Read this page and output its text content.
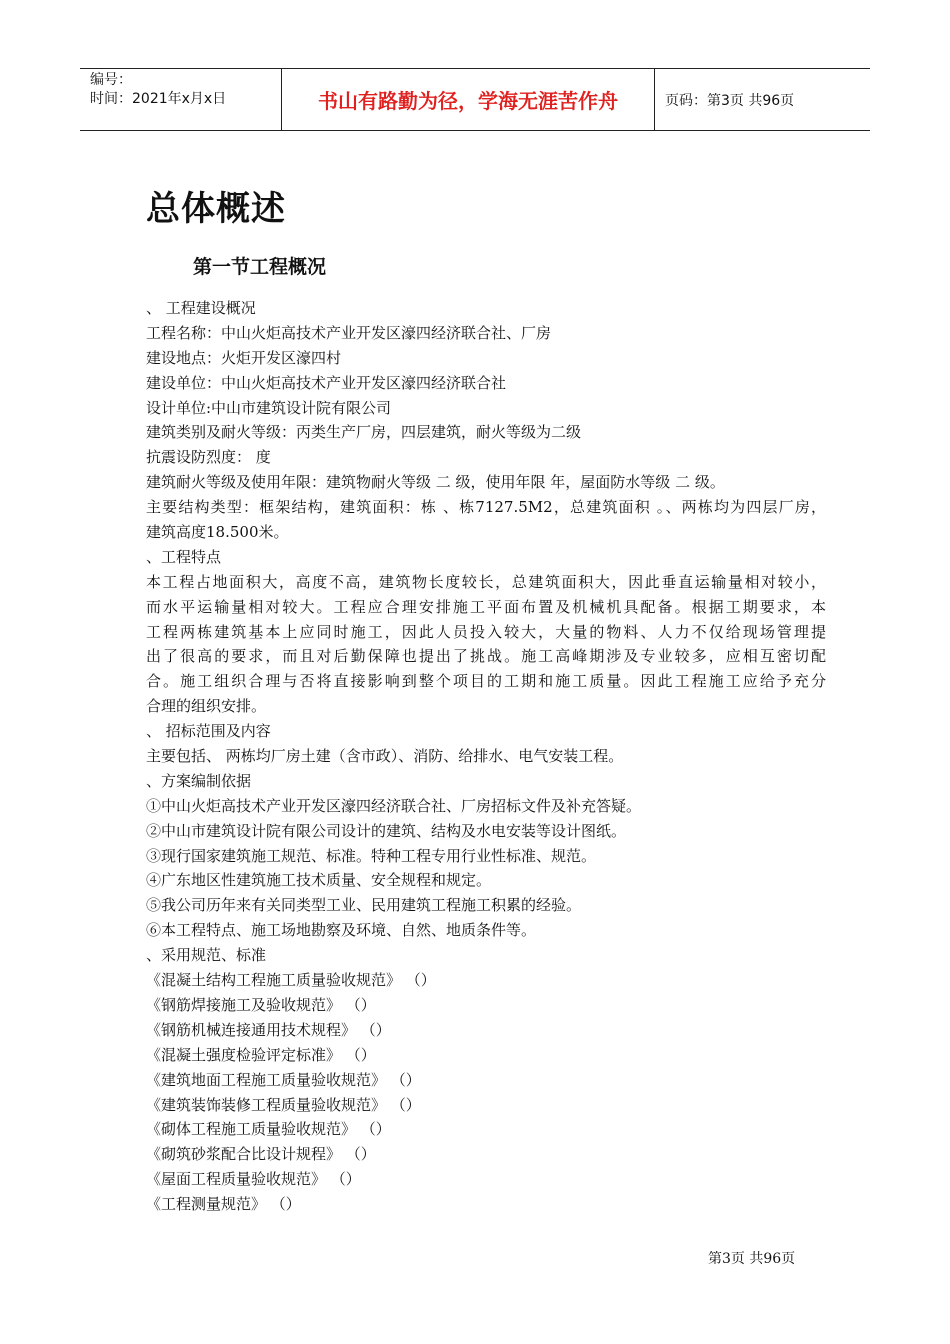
编号：
时间：2021年x月x日	书山有路勤为径，学海无涯苦作舟	页码：第3页 共96页
总体概述
第一节工程概况
、 工程建设概况
工程名称：中山火炬高技术产业开发区濠四经济联合社、厂房
建设地点：火炬开发区濠四村
建设单位：中山火炬高技术产业开发区濠四经济联合社
设计单位:中山市建筑设计院有限公司
建筑类别及耐火等级：丙类生产厂房，四层建筑，耐火等级为二级
抗震设防烈度： 度
建筑耐火等级及使用年限：建筑物耐火等级 二 级，使用年限 年，屋面防水等级 二 级。
主要结构类型：框架结构，建筑面积：栋 、栋7127.5M2，总建筑面积 。、两栋均为四层厂房，
建筑高度18.500米。
、工程特点
本工程占地面积大，高度不高，建筑物长度较长，总建筑面积大，因此垂直运输量相对较小，
而水平运输量相对较大。工程应合理安排施工平面布置及机械机具配备。根据工期要求，本
工程两栋建筑基本上应同时施工，因此人员投入较大，大量的物料、人力不仅给现场管理提
出了很高的要求，而且对后勤保障也提出了挑战。施工高峰期涉及专业较多，应相互密切配
合。施工组织合理与否将直接影响到整个项目的工期和施工质量。因此工程施工应给予充分
合理的组织安排。
、 招标范围及内容
主要包括、 两栋均厂房土建（含市政）、消防、给排水、电气安装工程。
、方案编制依据
①中山火炬高技术产业开发区濠四经济联合社、厂房招标文件及补充答疑。
②中山市建筑设计院有限公司设计的建筑、结构及水电安装等设计图纸。
③现行国家建筑施工规范、标准。特种工程专用行业性标准、规范。
④广东地区性建筑施工技术质量、安全规程和规定。
⑤我公司历年来有关同类型工业、民用建筑工程施工积累的经验。
⑥本工程特点、施工场地勘察及环境、自然、地质条件等。
、采用规范、标准
《混凝土结构工程施工质量验收规范》 （）
《钢筋焊接施工及验收规范》 （）
《钢筋机械连接通用技术规程》 （）
《混凝土强度检验评定标准》 （）
《建筑地面工程施工质量验收规范》 （）
《建筑装饰装修工程质量验收规范》 （）
《砌体工程施工质量验收规范》 （）
《砌筑砂浆配合比设计规程》 （）
《屋面工程质量验收规范》 （）
《工程测量规范》 （）
第3页 共96页
